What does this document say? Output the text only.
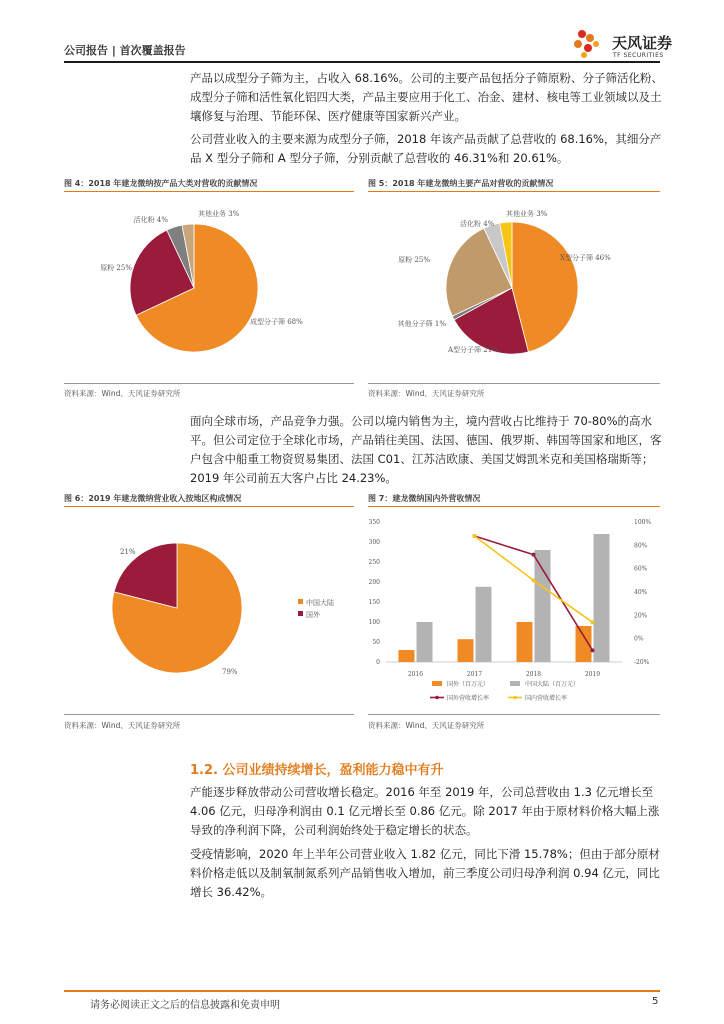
公司报告 | 首次覆盖报告	天风证券
TF SECURITIES

产品以成型分子筛为主，占收入 68.16%。公司的主要产品包括分子筛原粉、分子筛活化粉、成型分子筛和活性氧化铝四大类，产品主要应用于化工、冶金、建材、核电等工业领域以及土壤修复与治理、节能环保、医疗健康等国家新兴产业。

公司营业收入的主要来源为成型分子筛，2018 年该产品贡献了总营收的 68.16%，其细分产品 X 型分子筛和 A 型分子筛，分别贡献了总营收的 46.31%和 20.61%。

图 4：2018 年建龙微纳按产品大类对营收的贡献情况
成型分子筛 68%
原粉 25%
活化粉 4%
其他业务 3%
资料来源：Wind、天风证券研究所
图 5：2018 年建龙微纳主要产品对营收的贡献情况
X型分子筛 46%
A型分子筛 21%
其他分子筛 1%
原粉 25%
活化粉 4%
其他业务 3%
资料来源：Wind、天风证券研究所

面向全球市场，产品竞争力强。公司以境内销售为主，境内营收占比维持于 70-80%的高水平。但公司定位于全球化市场，产品销往美国、法国、德国、俄罗斯、韩国等国家和地区，客户包含中船重工物资贸易集团、法国 C01、江苏洁欧康、美国艾姆凯米克和美国格瑞斯等；2019 年公司前五大客户占比 24.23%。

图 6：2019 年建龙微纳营业收入按地区构成情况
79%
21%
中国大陆
国外
资料来源：Wind、天风证券研究所
图 7：建龙微纳国内外营收情况
350
300
250
200
150
100
50
0
100%
80%
60%
40%
20%
0%
-20%
2016	2017	2018	2019
国外（百万元）	中国大陆（百万元）
国外营收增长率	国内营收增长率
资料来源：Wind、天风证券研究所
1.2. 公司业绩持续增长，盈利能力稳中有升

产能逐步释放带动公司营收增长稳定。2016 年至 2019 年，公司总营收由 1.3 亿元增长至 4.06 亿元，归母净利润由 0.1 亿元增长至 0.86 亿元。除 2017 年由于原材料价格大幅上涨导致的净利润下降，公司利润始终处于稳定增长的状态。

受疫情影响，2020 年上半年公司营业收入 1.82 亿元，同比下滑 15.78%；但由于部分原材料价格走低以及制氧制氮系列产品销售收入增加，前三季度公司归母净利润 0.94 亿元，同比增长 36.42%。

请务必阅读正文之后的信息披露和免责申明	5
